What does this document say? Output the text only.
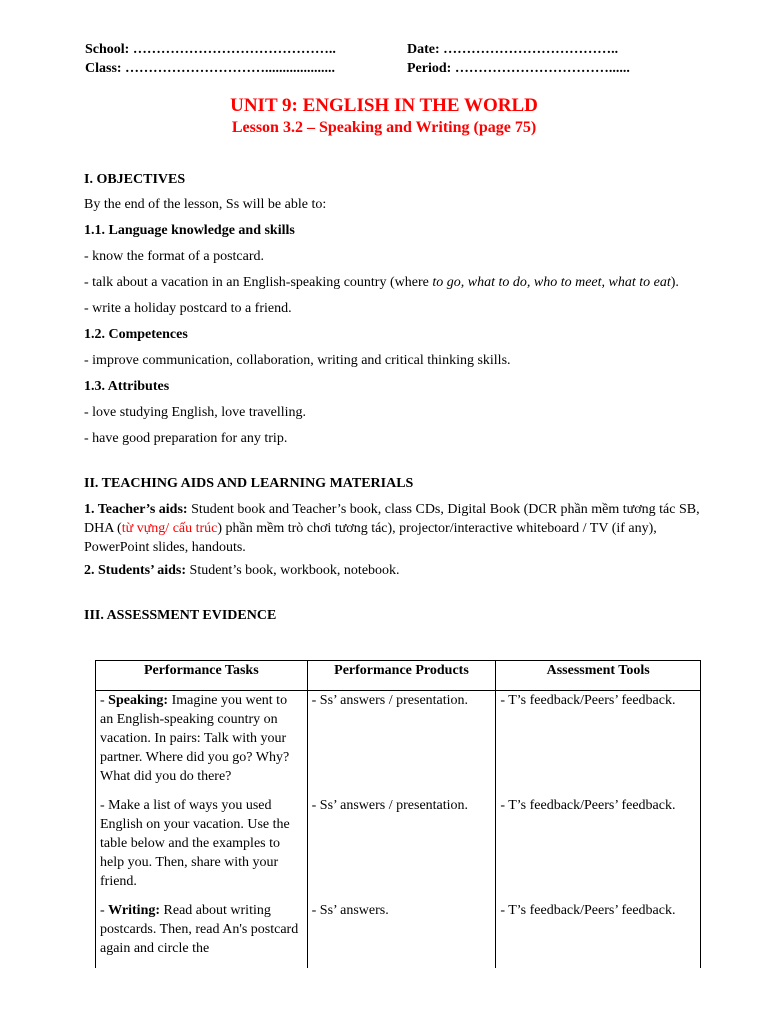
School: ……………………………………..	Date: ………………………………..
Class: …………………………....................	Period: ……………………………......
UNIT 9: ENGLISH IN THE WORLD
Lesson 3.2 – Speaking and Writing (page 75)

I. OBJECTIVES

By the end of the lesson, Ss will be able to:

1.1. Language knowledge and skills

- know the format of a postcard.

- talk about a vacation in an English-speaking country (where to go, what to do, who to meet, what to eat).

- write a holiday postcard to a friend.

1.2. Competences

- improve communication, collaboration, writing and critical thinking skills.

1.3. Attributes

- love studying English, love travelling.

- have good preparation for any trip.

II. TEACHING AIDS AND LEARNING MATERIALS

1. Teacher’s aids: Student book and Teacher’s book, class CDs, Digital Book (DCR phần mềm tương tác SB, DHA (từ vựng/ cấu trúc) phần mềm trò chơi tương tác), projector/interactive whiteboard / TV (if any), PowerPoint slides, handouts.

2. Students’ aids: Student’s book, workbook, notebook.

III. ASSESSMENT EVIDENCE

Performance Tasks	Performance Products	Assessment Tools
- Speaking: Imagine you went to an English-speaking country on vacation. In pairs: Talk with your partner. Where did you go? Why? What did you do there?	- Ss’ answers / presentation.	- T’s feedback/Peers’ feedback.
- Make a list of ways you used English on your vacation. Use the table below and the examples to help you. Then, share with your friend.	- Ss’ answers / presentation.	- T’s feedback/Peers’ feedback.
- Writing: Read about writing postcards. Then, read An's postcard again and circle the	- Ss’ answers.	- T’s feedback/Peers’ feedback.
